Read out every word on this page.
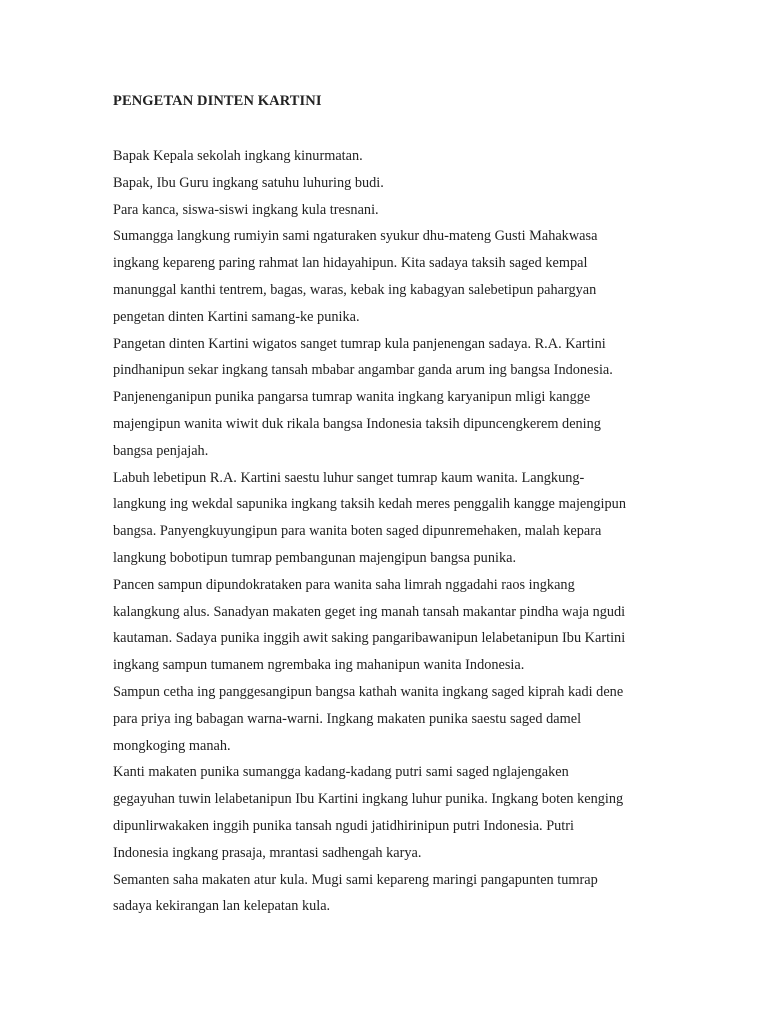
PENGETAN DINTEN KARTINI
Bapak Kepala sekolah ingkang kinurmatan.
Bapak, Ibu Guru ingkang satuhu luhuring budi.
Para kanca, siswa-siswi ingkang kula tresnani.
Sumangga langkung rumiyin sami ngaturaken syukur dhu-mateng Gusti Mahakwasa
ingkang kepareng paring rahmat lan hidayahipun. Kita sadaya taksih saged kempal
manunggal kanthi tentrem, bagas, waras, kebak ing kabagyan salebetipun pahargyan
pengetan dinten Kartini samang-ke punika.
Pangetan dinten Kartini wigatos sanget tumrap kula panjenengan sadaya. R.A. Kartini
pindhanipun sekar ingkang tansah mbabar angambar ganda arum ing bangsa Indonesia.
Panjenenganipun punika pangarsa tumrap wanita ingkang karyanipun mligi kangge
majengipun wanita wiwit duk rikala bangsa Indonesia taksih dipuncengkerem dening
bangsa penjajah.
Labuh lebetipun R.A. Kartini saestu luhur sanget tumrap kaum wanita. Langkung-
langkung ing wekdal sapunika ingkang taksih kedah meres penggalih kangge majengipun
bangsa. Panyengkuyungipun para wanita boten saged dipunremehaken, malah kepara
langkung bobotipun tumrap pembangunan majengipun bangsa punika.
Pancen sampun dipundokrataken para wanita saha limrah nggadahi raos ingkang
kalangkung alus. Sanadyan makaten geget ing manah tansah makantar pindha waja ngudi
kautaman. Sadaya punika inggih awit saking pangaribawanipun lelabetanipun Ibu Kartini
ingkang sampun tumanem ngrembaka ing mahanipun wanita Indonesia.
Sampun cetha ing panggesangipun bangsa kathah wanita ingkang saged kiprah kadi dene
para priya ing babagan warna-warni. Ingkang makaten punika saestu saged damel
mongkoging manah.
Kanti makaten punika sumangga kadang-kadang putri sami saged nglajengaken
gegayuhan tuwin lelabetanipun Ibu Kartini ingkang luhur punika. Ingkang boten kenging
dipunlirwakaken inggih punika tansah ngudi jatidhirinipun putri Indonesia. Putri
Indonesia ingkang prasaja, mrantasi sadhengah karya.
Semanten saha makaten atur kula. Mugi sami kepareng maringi pangapunten tumrap
sadaya kekirangan lan kelepatan kula.
